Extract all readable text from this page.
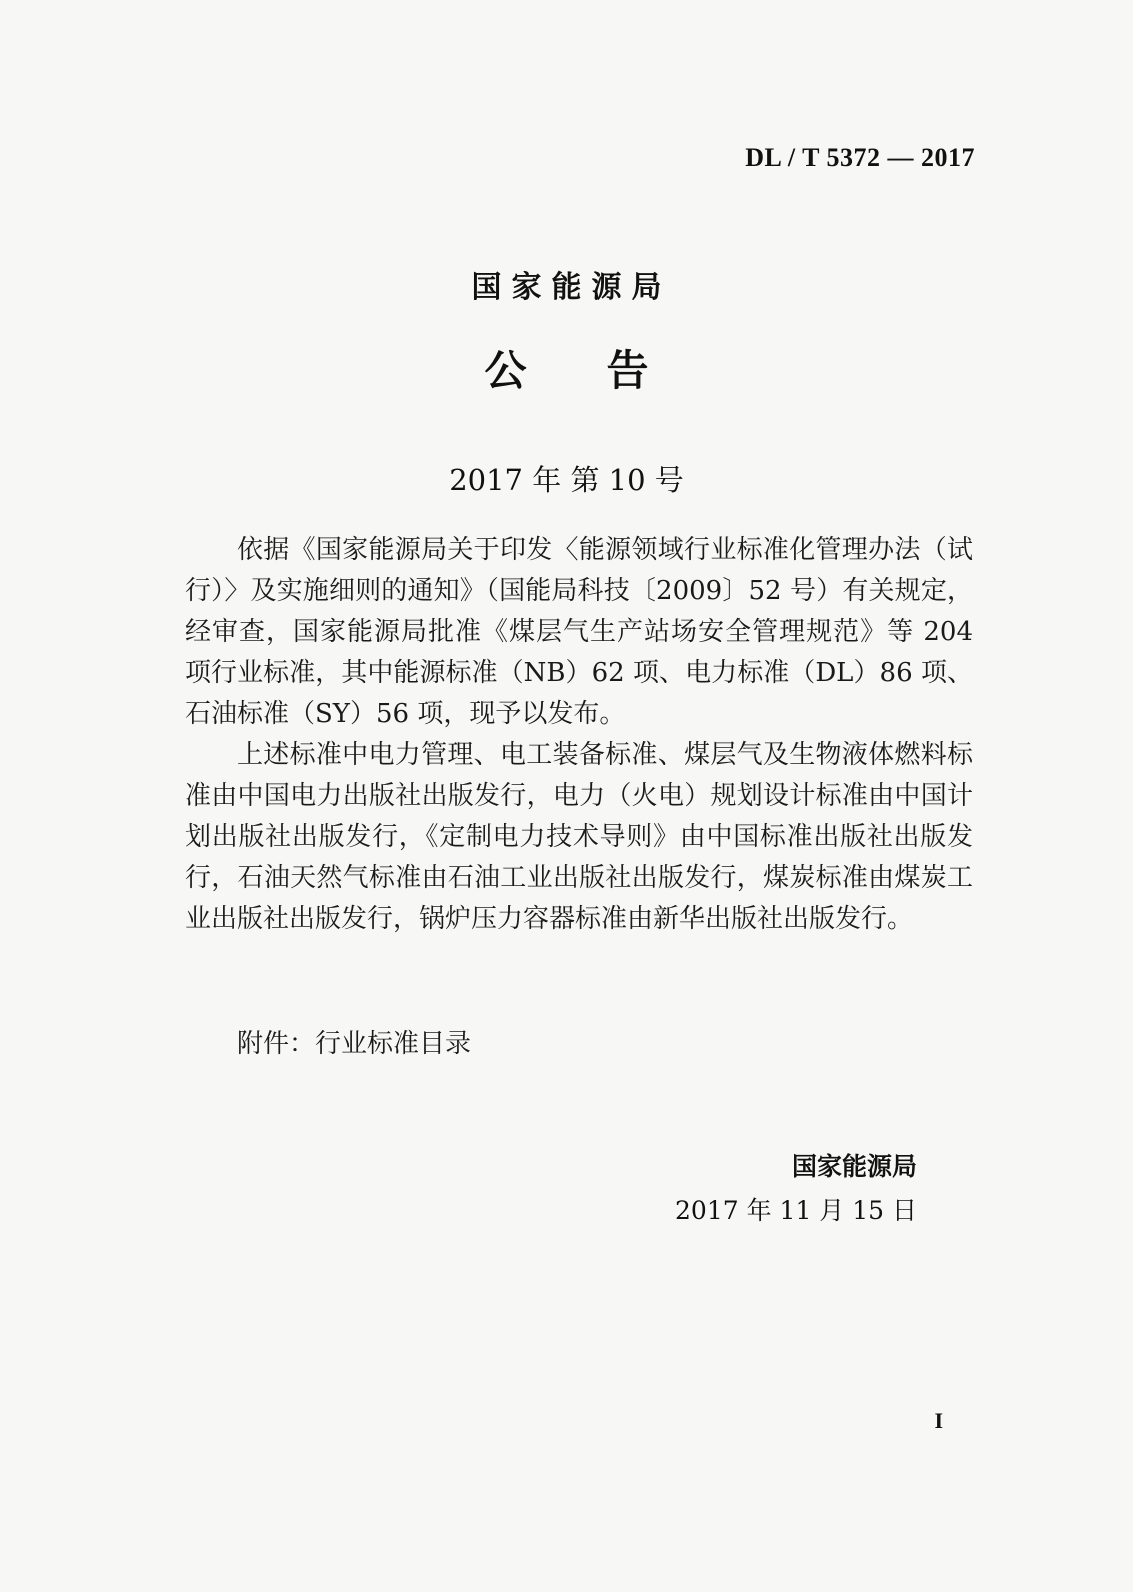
DL / T 5372 — 2017
国家能源局
公告
2017 年 第 10 号

依据《国家能源局关于印发〈能源领域行业标准化管理办法（试行）〉及实施细则的通知》（国能局科技〔2009〕52 号）有关规定，经审查，国家能源局批准《煤层气生产站场安全管理规范》等 204 项行业标准，其中能源标准（NB）62 项、电力标准（DL）86 项、石油标准（SY）56 项，现予以发布。

上述标准中电力管理、电工装备标准、煤层气及生物液体燃料标准由中国电力出版社出版发行，电力（火电）规划设计标准由中国计划出版社出版发行，《定制电力技术导则》由中国标准出版社出版发行，石油天然气标准由石油工业出版社出版发行，煤炭标准由煤炭工业出版社出版发行，锅炉压力容器标准由新华出版社出版发行。

附件：行业标准目录
国家能源局
2017 年 11 月 15 日
I
